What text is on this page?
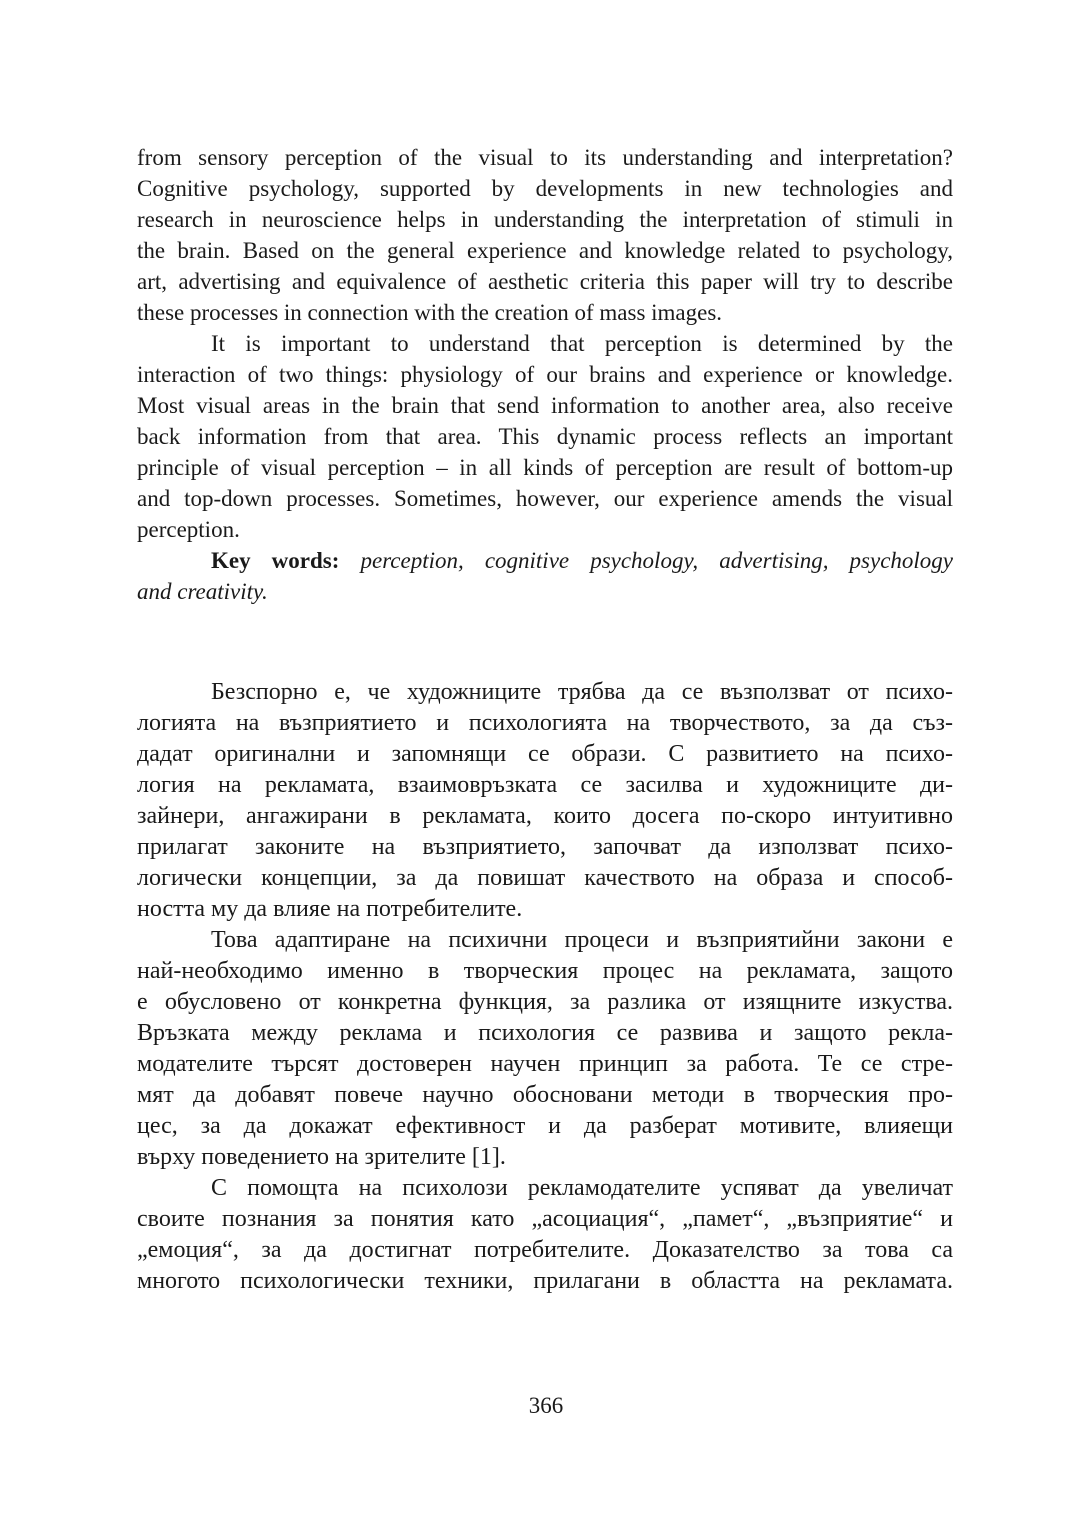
from sensory perception of the visual to its understanding and interpretation?
Cognitive psychology, supported by developments in new technologies and
research in neuroscience helps in understanding the interpretation of stimuli in
the brain. Based on the general experience and knowledge related to psychology,
art, advertising and equivalence of aesthetic criteria this paper will try to describe
these processes in connection with the creation of mass images.
It is important to understand that perception is determined by the
interaction of two things: physiology of our brains and experience or knowledge.
Most visual areas in the brain that send information to another area, also receive
back information from that area. This dynamic process reflects an important
principle of visual perception – in all kinds of perception are result of bottom-up
and top-down processes. Sometimes, however, our experience amends the visual
perception.
Key words: perception, cognitive psychology, advertising, psychology
and creativity.
Безспорно е, че художниците трябва да се възползват от психо-
логията на възприятието и психологията на творчеството, за да съз-
дадат оригинални и запомнящи се образи. С развитието на психо-
логия на рекламата, взаимовръзката се засилва и художниците ди-
зайнери, ангажирани в рекламата, които досега по-скоро интуитивно
прилагат законите на възприятието, започват да използват психо-
логически концепции, за да повишат качеството на образа и способ-
ността му да влияе на потребителите.
Това адаптиране на психични процеси и възприятийни закони е
най-необходимо именно в творческия процес на рекламата, защото
е обусловено от конкретна функция, за разлика от изящните изкуства.
Връзката между реклама и психология се развива и защото рекла-
модателите търсят достоверен научен принцип за работа. Те се стре-
мят да добавят повече научно обосновани методи в творческия про-
цес, за да докажат ефективност и да разберат мотивите, влияещи
върху поведението на зрителите [1].
С помощта на психолози рекламодателите успяват да увеличат
своите познания за понятия като „асоциация“, „памет“, „възприятие“ и
„емоция“, за да достигнат потребителите. Доказателство за това са
многото психологически техники, прилагани в областта на рекламата.
366
